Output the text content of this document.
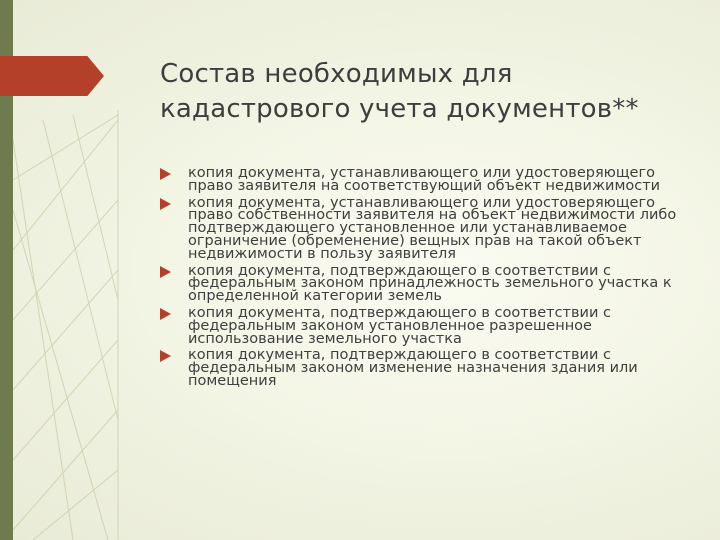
Состав необходимых для кадастрового учета документов**
копия документа, устанавливающего или удостоверяющего право заявителя на соответствующий объект недвижимости
копия документа, устанавливающего или удостоверяющего право собственности заявителя на объект недвижимости либо подтверждающего установленное или устанавливаемое ограничение (обременение) вещных прав на такой объект недвижимости в пользу заявителя
копия документа, подтверждающего в соответствии с федеральным законом принадлежность земельного участка к определенной категории земель
копия документа, подтверждающего в соответствии с федеральным законом установленное разрешенное использование земельного участка
копия документа, подтверждающего в соответствии с федеральным законом изменение назначения здания или помещения
